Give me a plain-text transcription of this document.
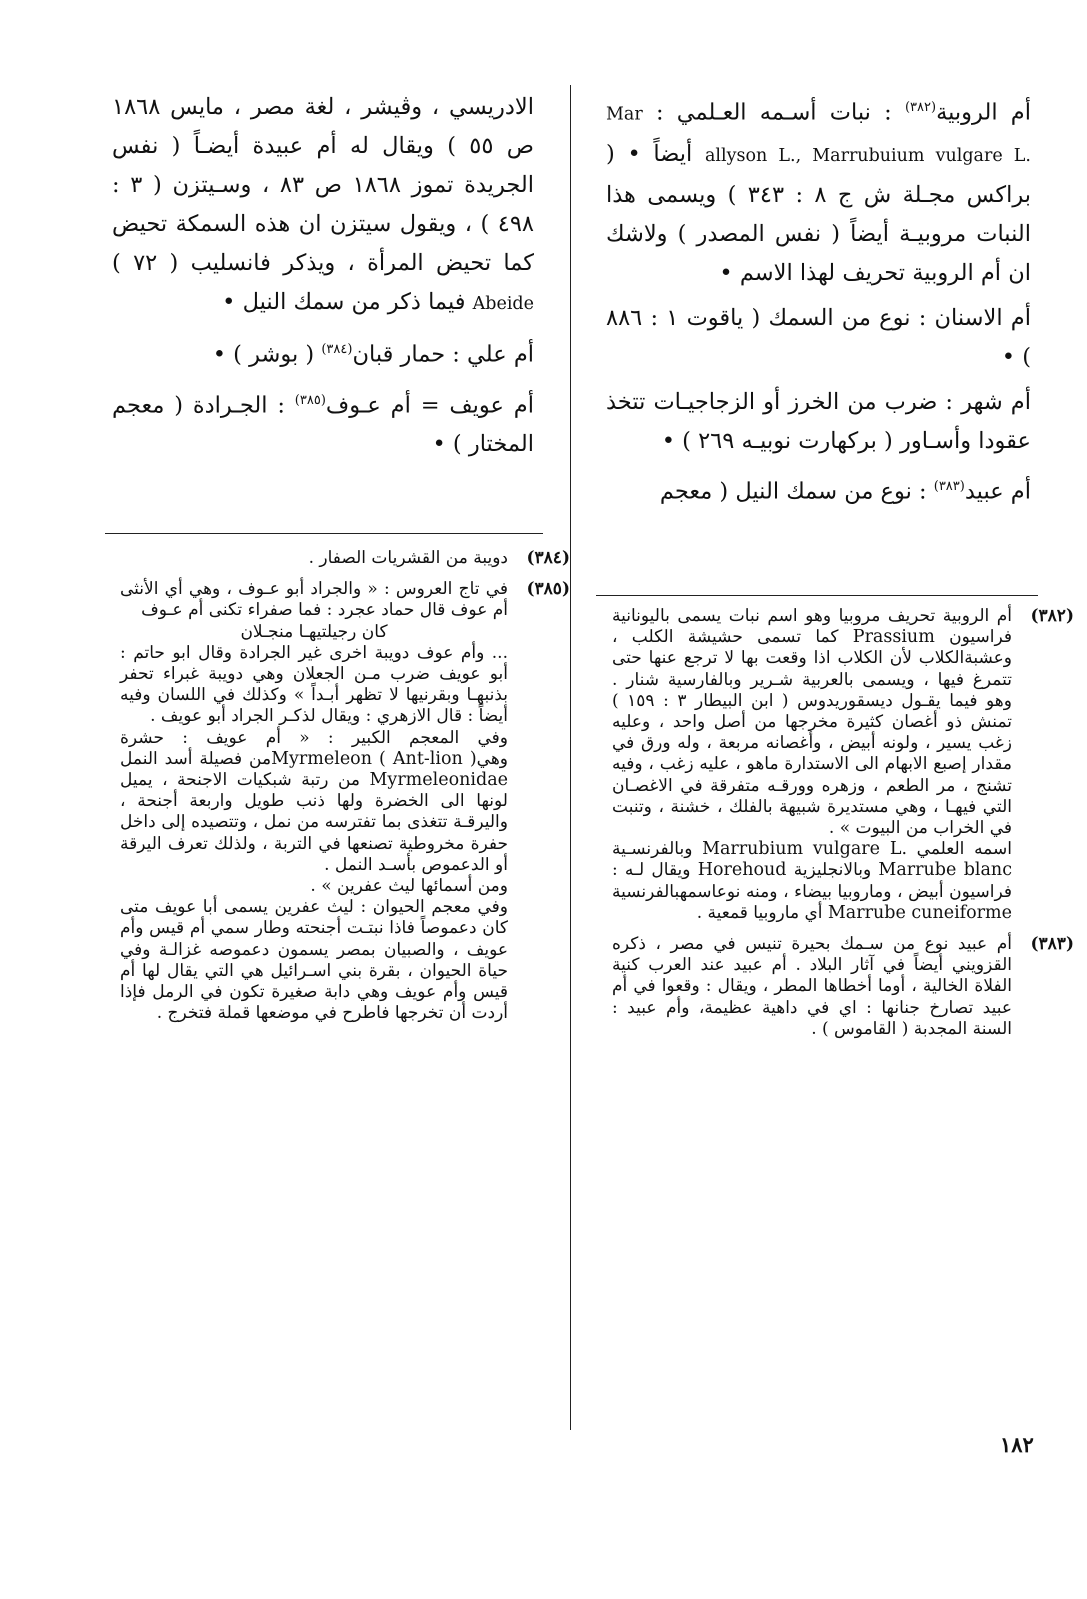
أم الروبية$^{(٣٨٢)}$ : نبات أسـمه العـلمي : Mar allyson L., Marrubuium vulgare L. أيضاً • ( براكس مجـلة ش ج ٨ : ٣٤٣ ) ويسمى هذا النبات مروبيـة أيضاً ( نفس المصدر ) ولاشك ان أم الروبية تحريف لهذا الاسم •

أم الاسنان : نوع من السمك ( ياقوت ١ : ٨٨٦ ) •

أم شهر : ضرب من الخرز أو الزجاجيـات تتخذ عقودا وأسـاور ( بركهارت نوبيـه ٢٦٩ ) •

أم عبيد$^{(٣٨٣)}$ : نوع من سمك النيل ( معجم

الادريسي ، وڤيشر ، لغة مصر ، مايس ١٨٦٨ ص ٥٥ ) ويقال له أم عبيدة أيضـاً ( نفس الجريدة تموز ١٨٦٨ ص ٨٣ ، وسـيتزن ( ٣ : ٤٩٨ ) ، ويقول سيتزن ان هذه السمكة تحيض كما تحيض المرأة ، ويذكر فانسليب ( ٧٢ ) Abeide فيما ذكر من سمك النيل •

أم علي : حمار قبان$^{(٣٨٤)}$ ( بوشر ) •

أم عويف = أم عـوف$^{(٣٨٥)}$ : الجـرادة ( معجم المختار ) •

(٣٨٢)

أم الروبية تحريف مروبيا وهو اسم نبات يسمى باليونانية فراسيون Prassium كما تسمى حشيشة الكلب ، وعشبةالكلاب لأن الكلاب اذا وقعت بها لا ترجع عنها حتى تتمرغ فيها ، ويسمى بالعربية شـرير وبالفارسية شنار . وهو فيما يقـول ديسقوريدوس ( ابن البيطار ٣ : ١٥٩ ) تمنش ذو أغصان كثيرة مخرجها من أصل واحد ، وعليه زغب يسير ، ولونه أبيض ، وأغصانه مربعة ، وله ورق في مقدار إصبع الابهام الى الاستدارة ماهو ، عليه زغب ، وفيه تشنج ، مر الطعم ، وزهره وورقـه متفرقة في الاغصـان التي فيهـا ، وهي مستديرة شبيهة بالفلك ، خشنة ، وتنبت في الخراب من البيوت » .

اسمه العلمي Marrubium vulgare L. وبالفرنسـية Marrube blanc وبالانجليزية Horehoud ويقال لـه : فراسيون أبيض ، وماروبيا بيضاء ، ومنه نوعاسمهبالفرنسية Marrube cuneiforme أي ماروبيا قمعية .

(٣٨٣)

أم عبيد نوع من سـمك بحيرة تنيس في مصر ، ذكره القزويني أيضاً في آثار البلاد . أم عبيد عند العرب كنية الفلاة الخالية ، أوما أخطاها المطر ، ويقال : وقعوا في أم عبيد تصارخ جنانها : اي في داهية عظيمة، وأم عبيد : السنة المجدبة ( القاموس ) .

(٣٨٤)

دويبة من القشريات الصفار .

(٣٨٥)

في تاج العروس : « والجراد أبو عـوف ، وهي أي الأنثى أم عوف قال حماد عجرد : فما صفراء تكنى أم عـوف

كان رجيلتيهـا منجـلان

... وأم عوف دويبة اخرى غير الجرادة وقال ابو حاتم : أبو عويف ضرب مـن الجعلان وهي دويبة غبراء تحفر بذنبهـا وبقرنيها لا تظهر أبـداً » وكذلك في اللسان وفيه أيضاً : قال الازهري : ويقال لذكـر الجراد أبو عويف .

وفي المعجم الكبير : « أم عويف : حشرة وهيMyrmeleon ( Ant-lion )من فصيلة أسد النمل Myrmeleonidae من رتبة شبكيات الاجنحة ، يميل لونها الى الخضرة ولها ذنب طويل واربعة أجنحة ، واليرقـة تتغذى بما تفترسه من نمل ، وتتصيده إلى داخل حفرة مخروطية تصنعها في التربة ، ولذلك تعرف اليرقة أو الدعموص بأسـد النمل .

ومن أسمائها ليث عفرين » .

وفي معجم الحيوان : ليث عفرين يسمى أبا عويف متى كان دعموصاً فاذا نبتـت أجنحته وطار سمي أم قيس وأم عويف ، والصبيان بمصر يسمون دعموصه غزالـة وفي حياة الحيوان ، بقرة بني اسـرائيل هي التي يقال لها أم قيس وأم عويف وهي دابة صغيرة تكون في الرمل فإذا أردت أن تخرجها فاطرح في موضعها قملة فتخرج .

١٨٢
